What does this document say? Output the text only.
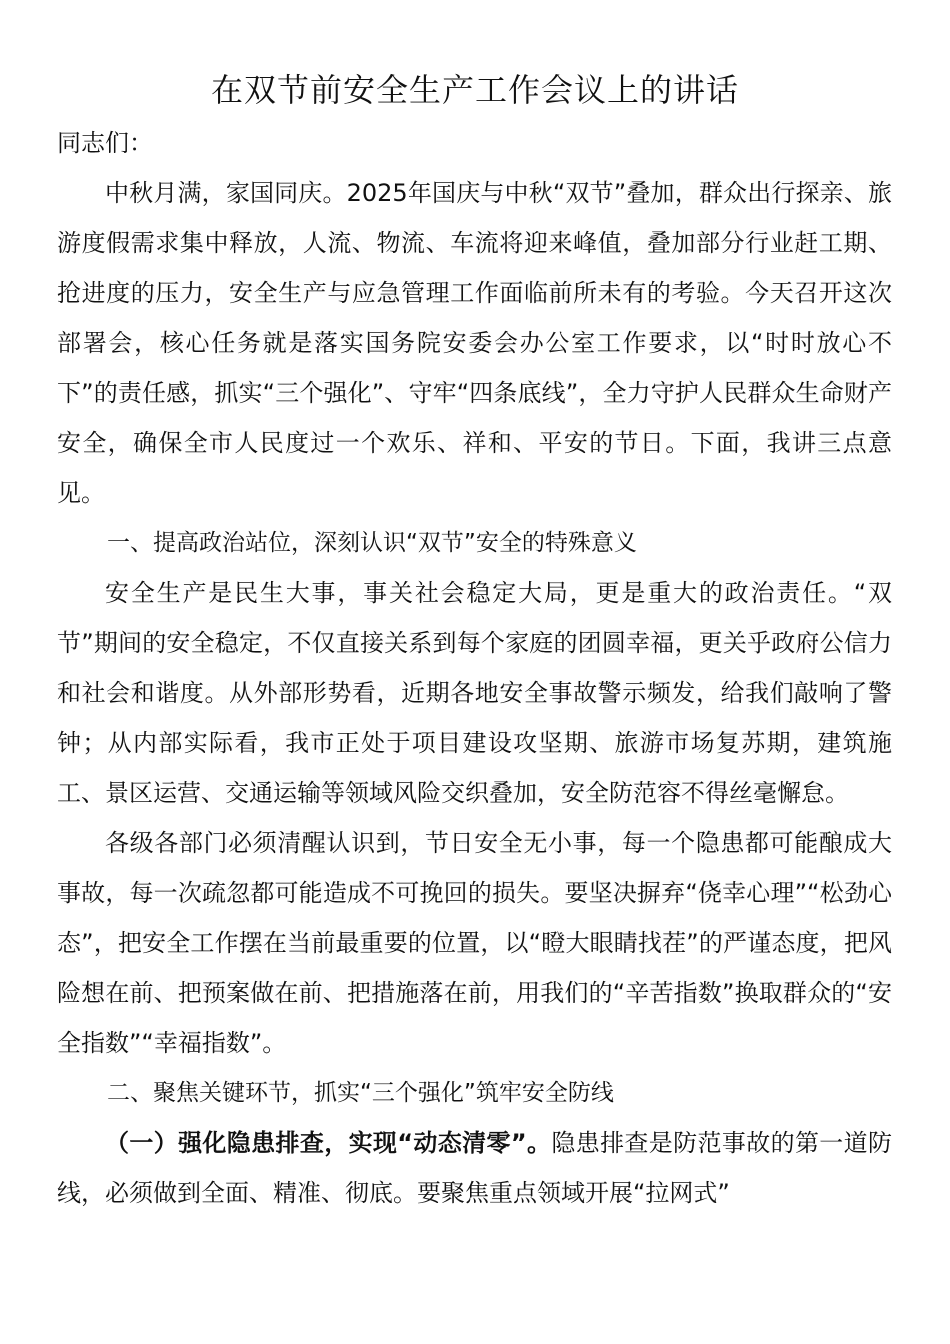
在双节前安全生产工作会议上的讲话

同志们：

中秋月满，家国同庆。2025年国庆与中秋“双节”叠加，群众出行探亲、旅游度假需求集中释放，人流、物流、车流将迎来峰值，叠加部分行业赶工期、抢进度的压力，安全生产与应急管理工作面临前所未有的考验。今天召开这次部署会，核心任务就是落实国务院安委会办公室工作要求，以“时时放心不下”的责任感，抓实“三个强化”、守牢“四条底线”，全力守护人民群众生命财产安全，确保全市人民度过一个欢乐、祥和、平安的节日。下面，我讲三点意见。

一、提高政治站位，深刻认识“双节”安全的特殊意义

安全生产是民生大事，事关社会稳定大局，更是重大的政治责任。“双节”期间的安全稳定，不仅直接关系到每个家庭的团圆幸福，更关乎政府公信力和社会和谐度。从外部形势看，近期各地安全事故警示频发，给我们敲响了警钟；从内部实际看，我市正处于项目建设攻坚期、旅游市场复苏期，建筑施工、景区运营、交通运输等领域风险交织叠加，安全防范容不得丝毫懈怠。

各级各部门必须清醒认识到，节日安全无小事，每一个隐患都可能酿成大事故，每一次疏忽都可能造成不可挽回的损失。要坚决摒弃“侥幸心理”“松劲心态”，把安全工作摆在当前最重要的位置，以“瞪大眼睛找茬”的严谨态度，把风险想在前、把预案做在前、把措施落在前，用我们的“辛苦指数”换取群众的“安全指数”“幸福指数”。

二、聚焦关键环节，抓实“三个强化”筑牢安全防线

（一）强化隐患排查，实现“动态清零”。隐患排查是防范事故的第一道防线，必须做到全面、精准、彻底。要聚焦重点领域开展“拉网式”
